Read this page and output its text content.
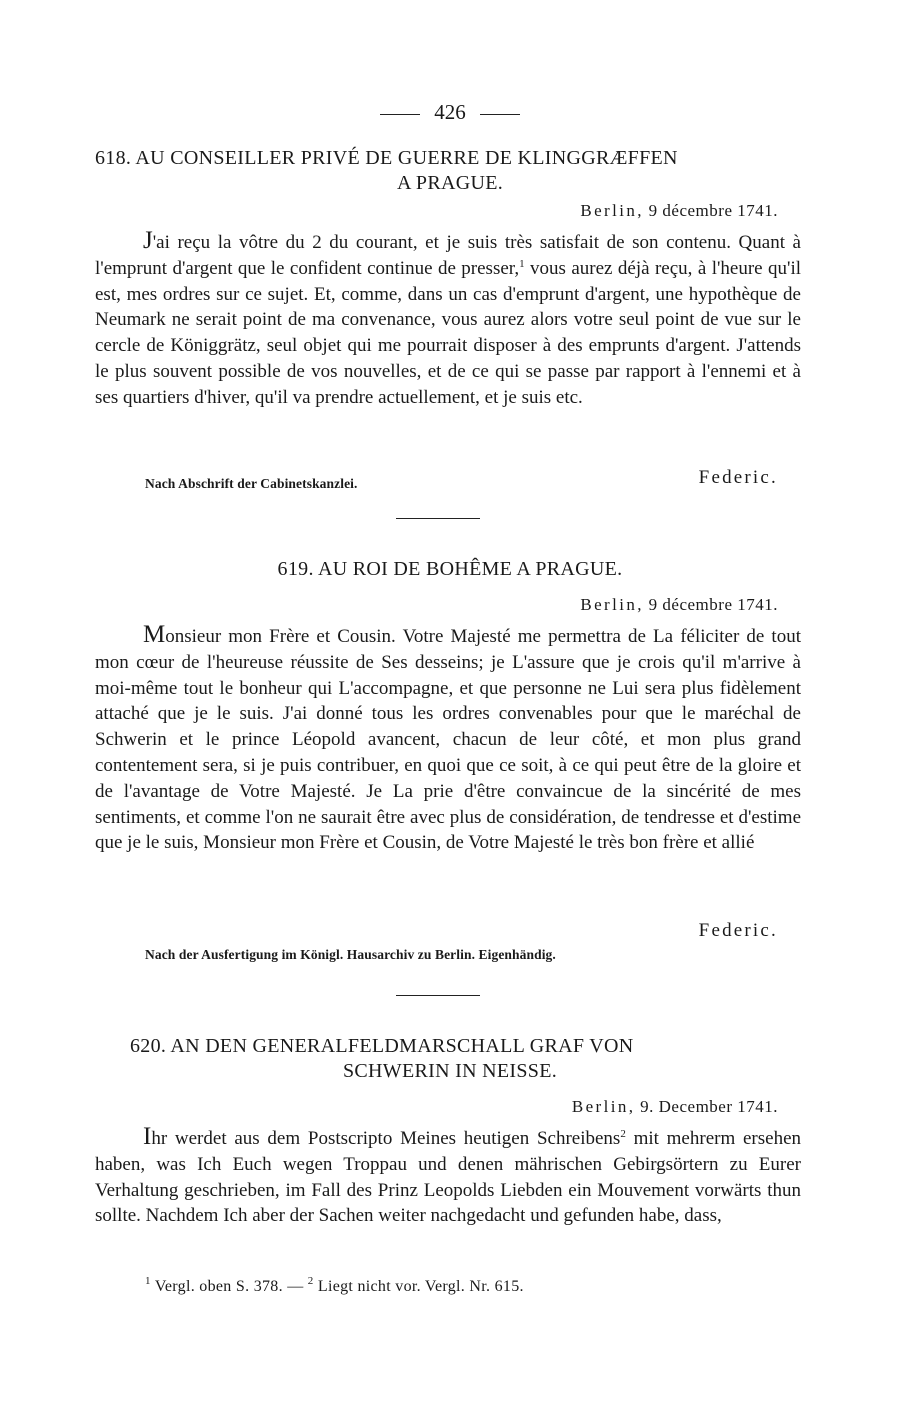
426
618. AU CONSEILLER PRIVÉ DE GUERRE DE KLINGGRÆFFEN
A PRAGUE.
Berlin, 9 décembre 1741.
J'ai reçu la vôtre du 2 du courant, et je suis très satisfait de son contenu. Quant à l'emprunt d'argent que le confident continue de presser,$^1$ vous aurez déjà reçu, à l'heure qu'il est, mes ordres sur ce sujet. Et, comme, dans un cas d'emprunt d'argent, une hypothèque de Neumark ne serait point de ma convenance, vous aurez alors votre seul point de vue sur le cercle de Königgrätz, seul objet qui me pourrait disposer à des emprunts d'argent. J'attends le plus souvent possible de vos nouvelles, et de ce qui se passe par rapport à l'ennemi et à ses quartiers d'hiver, qu'il va prendre actuellement, et je suis etc.
Federic.
Nach Abschrift der Cabinetskanzlei.
619. AU ROI DE BOHÊME A PRAGUE.
Berlin, 9 décembre 1741.
Monsieur mon Frère et Cousin. Votre Majesté me permettra de La féliciter de tout mon cœur de l'heureuse réussite de Ses desseins; je L'assure que je crois qu'il m'arrive à moi-même tout le bonheur qui L'accompagne, et que personne ne Lui sera plus fidèlement attaché que je le suis. J'ai donné tous les ordres convenables pour que le maréchal de Schwerin et le prince Léopold avancent, chacun de leur côté, et mon plus grand contentement sera, si je puis contribuer, en quoi que ce soit, à ce qui peut être de la gloire et de l'avantage de Votre Majesté. Je La prie d'être convaincue de la sincérité de mes sentiments, et comme l'on ne saurait être avec plus de considération, de tendresse et d'estime que je le suis, Monsieur mon Frère et Cousin, de Votre Majesté le très bon frère et allié
Federic.
Nach der Ausfertigung im Königl. Hausarchiv zu Berlin. Eigenhändig.
620. AN DEN GENERALFELDMARSCHALL GRAF VON
SCHWERIN IN NEISSE.
Berlin, 9. December 1741.
Ihr werdet aus dem Postscripto Meines heutigen Schreibens$^2$ mit mehrerm ersehen haben, was Ich Euch wegen Troppau und denen mährischen Gebirgsörtern zu Eurer Verhaltung geschrieben, im Fall des Prinz Leopolds Liebden ein Mouvement vorwärts thun sollte. Nachdem Ich aber der Sachen weiter nachgedacht und gefunden habe, dass,
$^1$ Vergl. oben S. 378. — $^2$ Liegt nicht vor. Vergl. Nr. 615.
